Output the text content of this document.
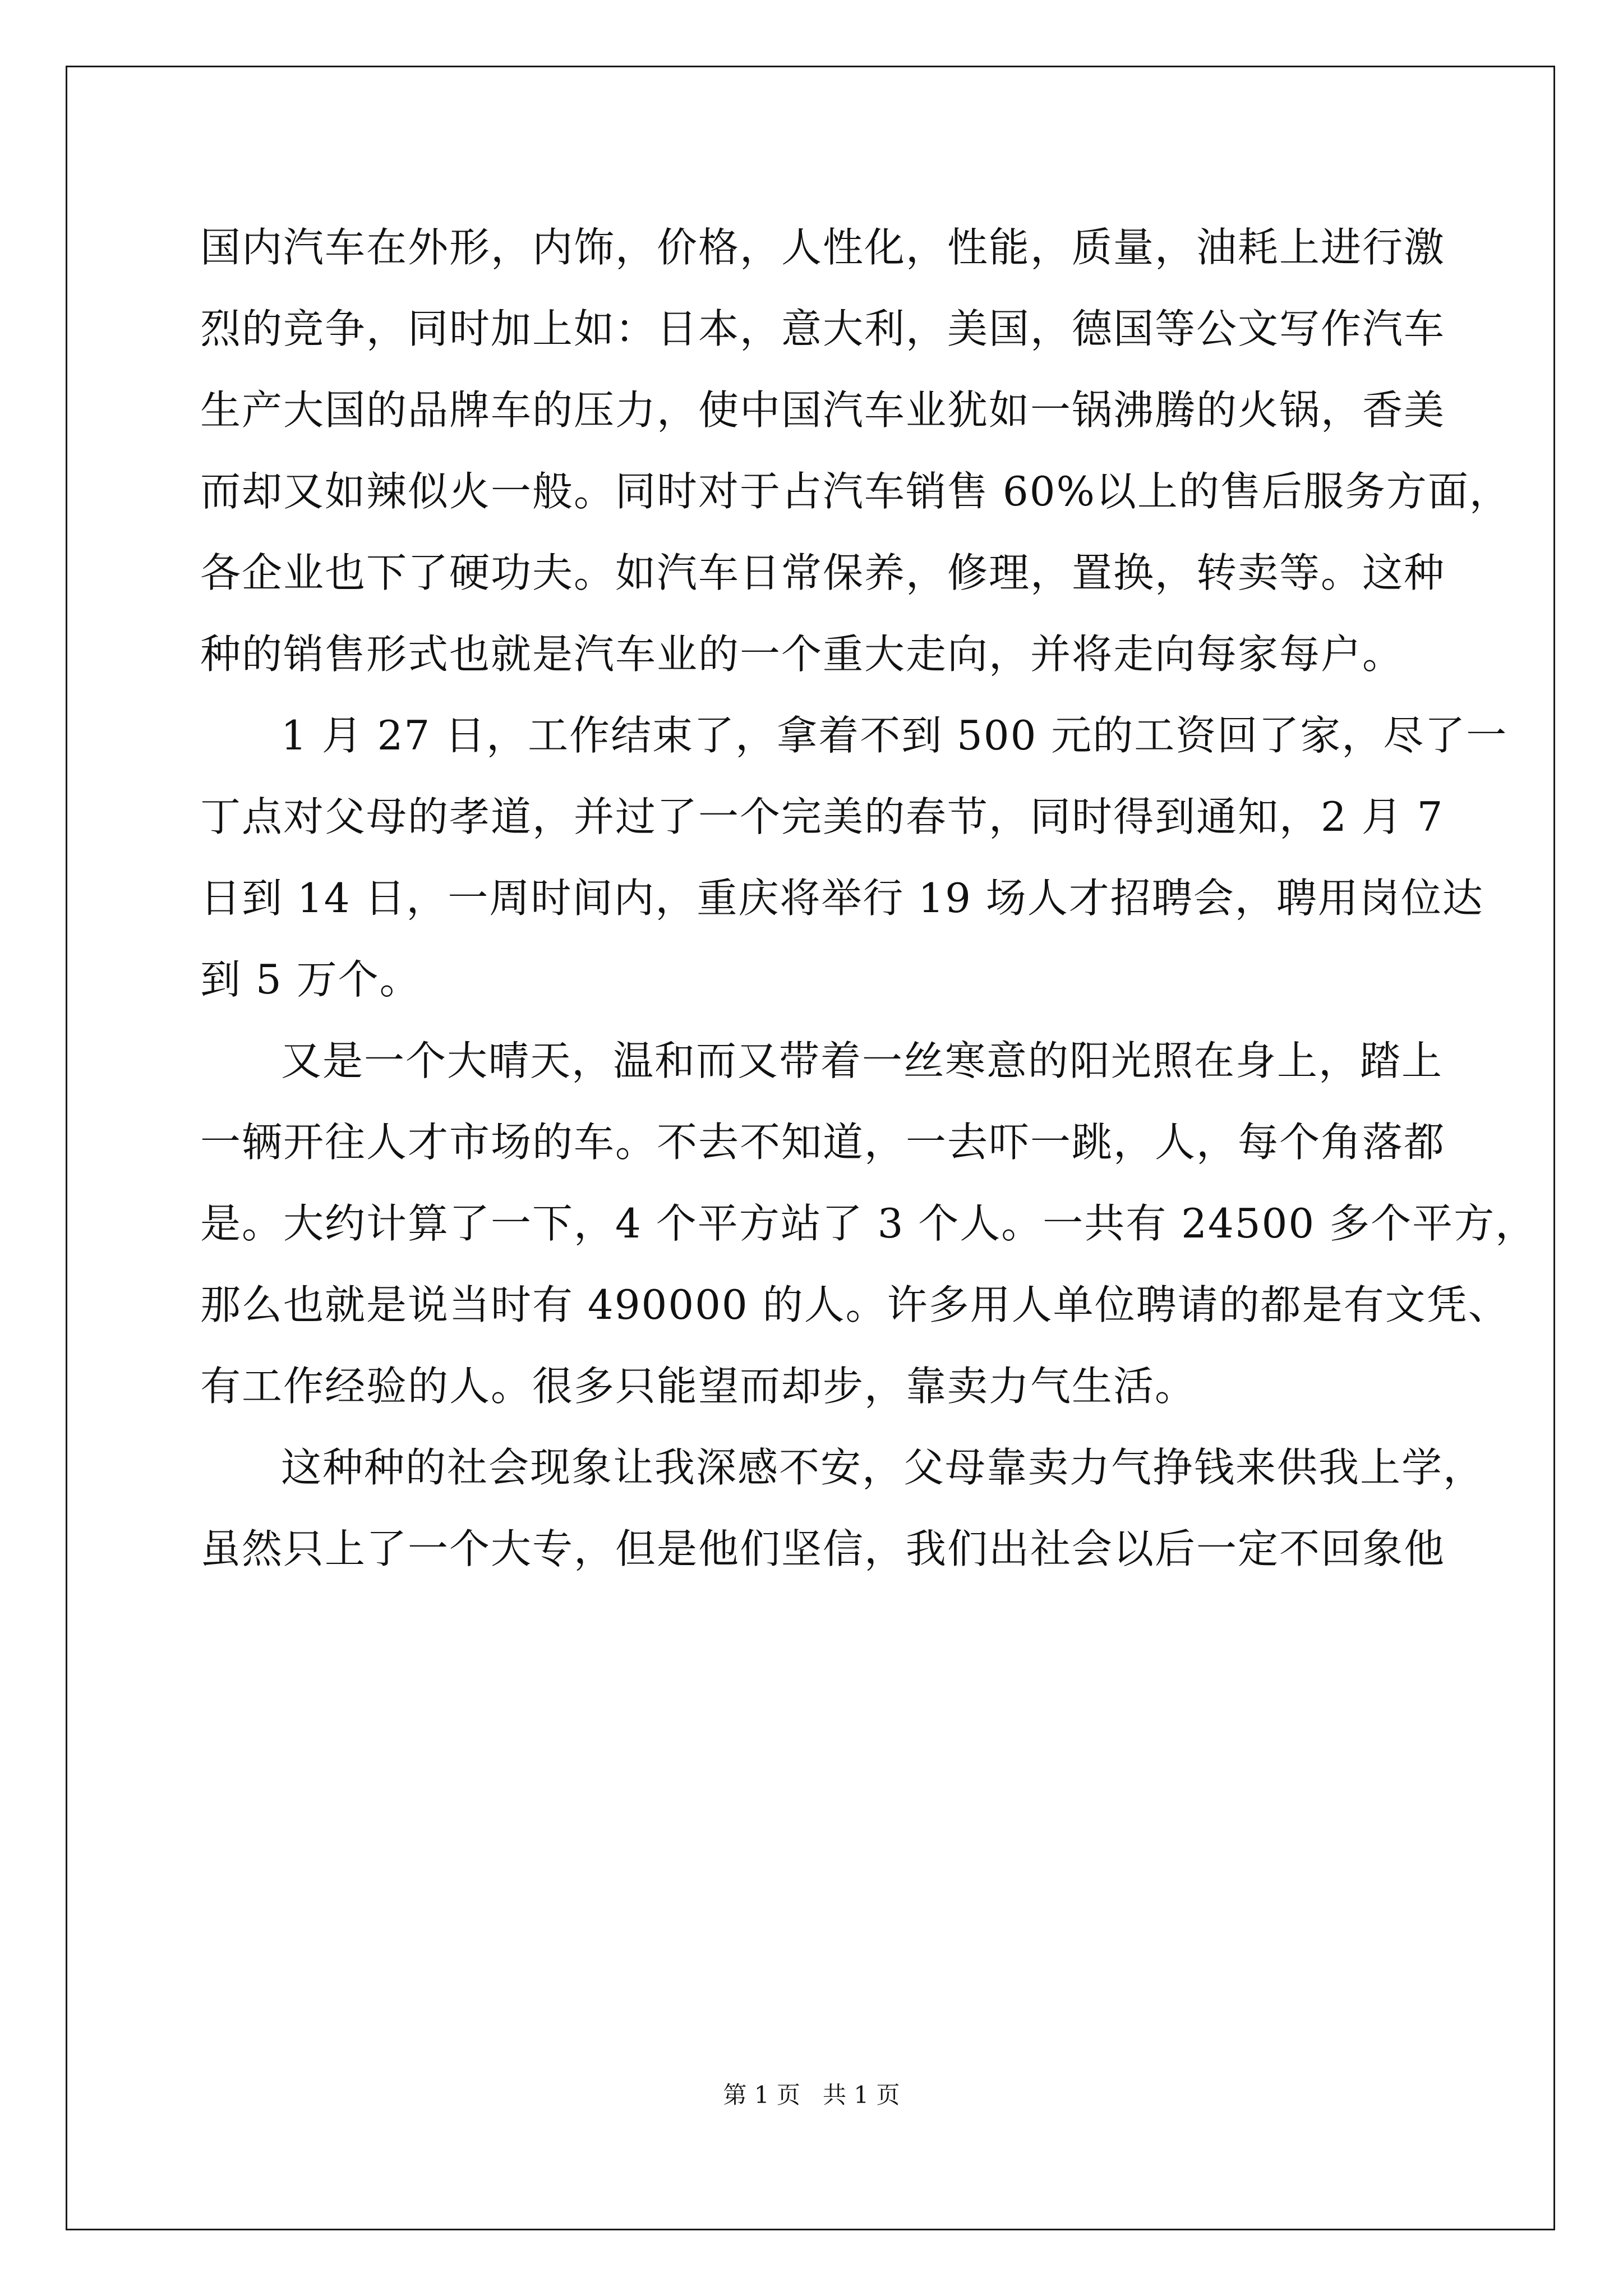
国内汽车在外形，内饰，价格，人性化，性能，质量，油耗上进行激
烈的竞争，同时加上如：日本，意大利，美国，德国等公文写作汽车
生产大国的品牌车的压力，使中国汽车业犹如一锅沸腾的火锅，香美
而却又如辣似火一般。同时对于占汽车销售 60%以上的售后服务方面，
各企业也下了硬功夫。如汽车日常保养，修理，置换，转卖等。这种
种的销售形式也就是汽车业的一个重大走向，并将走向每家每户。
1 月 27 日，工作结束了，拿着不到 500 元的工资回了家，尽了一
丁点对父母的孝道，并过了一个完美的春节，同时得到通知，2 月 7
日到 14 日，一周时间内，重庆将举行 19 场人才招聘会，聘用岗位达
到 5 万个。
又是一个大晴天，温和而又带着一丝寒意的阳光照在身上，踏上
一辆开往人才市场的车。不去不知道，一去吓一跳，人，每个角落都
是。大约计算了一下，4 个平方站了 3 个人。一共有 24500 多个平方，
那么也就是说当时有 490000 的人。许多用人单位聘请的都是有文凭、
有工作经验的人。很多只能望而却步，靠卖力气生活。
这种种的社会现象让我深感不安，父母靠卖力气挣钱来供我上学，
虽然只上了一个大专，但是他们坚信，我们出社会以后一定不回象他
第 1 页   共 1 页
